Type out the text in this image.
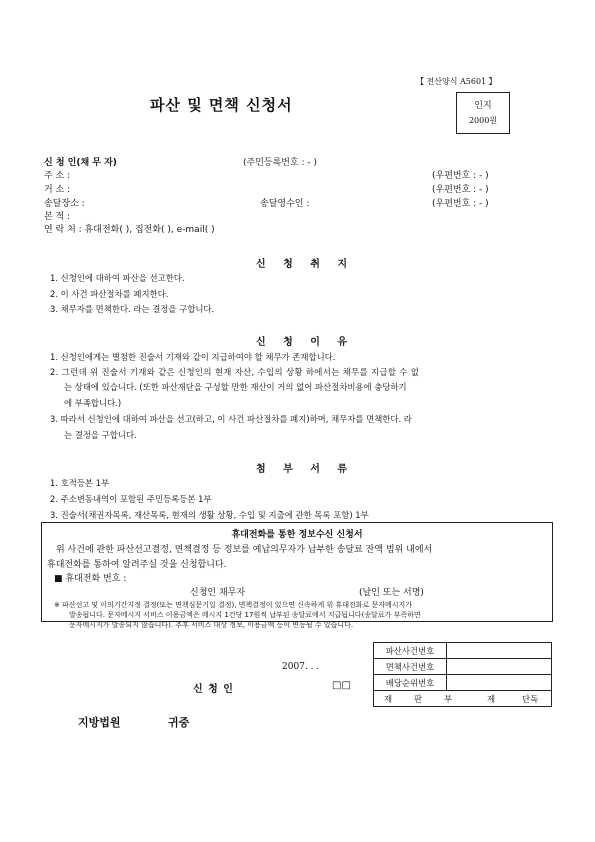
【 전산양식 A5601 】
인지
2000원
파산 및 면책 신청서
신 청 인(채 무 자)	(주민등록번호 : - )
주 소 :	(우편번호 : - )
거 소 :	(우편번호 : - )
송달장소 :	송달영수인 :	(우편번호 : - )
본 적 :
연 락 처 : 휴대전화( ), 집전화( ), e-mail( )
신 청 취 지
1. 신청인에 대하여 파산을 선고한다.
2. 이 사건 파산절차를 폐지한다.
3. 채무자를 면책한다. 라는 결정을 구합니다.
신 청 이 유
1. 신청인에게는 별첨한 진술서 기재와 같이 지급하여야 할 채무가 존재합니다.
2. 그런데 위 진술서 기재와 같은 신청인의 현재 자산, 수입의 상황 하에서는 채무를 지급할 수 없
는 상태에 있습니다. (또한 파산재단을 구성할 만한 재산이 거의 없어 파산절차비용에 충당하기
에 부족합니다.)
3. 따라서 신청인에 대하여 파산을 선고(하고, 이 사건 파산절차를 폐지)하며, 채무자를 면책한다. 라
는 결정을 구합니다.
첨 부 서 류
1. 호적등본 1부
2. 주소변동내역이 포함된 주민등록등본 1부
3. 진술서(채권자목록, 재산목록, 현재의 생활 상황, 수입 및 지출에 관한 목록 포함) 1부
휴대전화를 통한 정보수신 신청서
위 사건에 관한 파산선고결정, 면책결정 등 정보를 예납의무자가 납부한 송달료 잔액 범위 내에서
휴대전화를 통하여 알려주실 것을 신청합니다.
■ 휴대전화 번호 :
신청인 채무자	(날인 또는 서명)
※ 파산선고 및 이의기간지정 결정(또는 면책심문기일 결정), 면책결정이 있으면 신속하게 위 휴대전화로 문자메시지가
발송됩니다. 문자메시지 서비스 이용금액은 메시지 1건당 17원씩 납부된 송달료에서 지급됩니다(송달료가 부족하면
문자메시지가 발송되지 않습니다). 추후 서비스 대상 정보, 이용금액 등이 변동될 수 있습니다.
파산사건번호	
면책사건번호	
배당순위번호	

재 판 부 제 단독	
2007. . .
신 청 인	□□
지방법원	귀중
